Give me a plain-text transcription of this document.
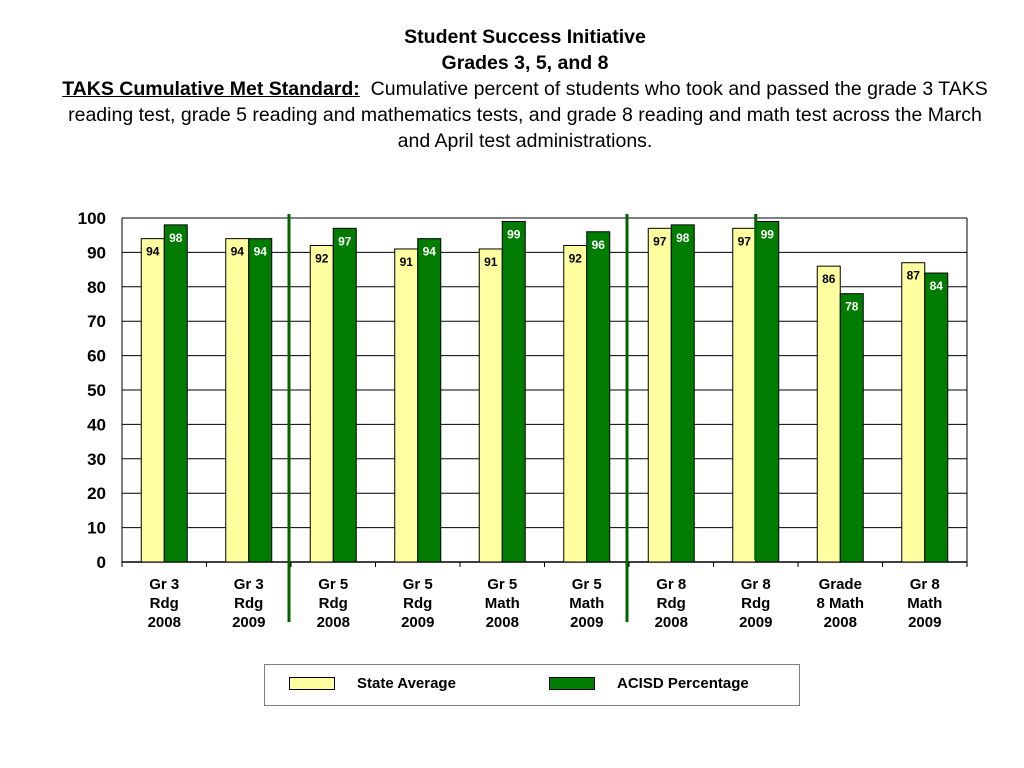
Student Success Initiative
Grades 3, 5, and 8
TAKS Cumulative Met Standard: Cumulative percent of students who took and passed the grade 3 TAKS reading test, grade 5 reading and mathematics tests, and grade 8 reading and math test across the March and April test administrations.
0
10
20
30
40
50
60
70
80
90
100
94
98
Gr 3
Rdg
2008
94 94
Gr 3
Rdg
2009
92
97
Gr 5
Rdg
2008
91
94
Gr 5
Rdg
2009
91
99
Gr 5
Math
2008
92
96
Gr 5
Math
2009
97 98
Gr 8
Rdg
2008
97 99
Gr 8
Rdg
2009
86
78
Grade
8 Math
2008
87
84
Gr 8
Math
2009
State Average	ACISD Percentage
